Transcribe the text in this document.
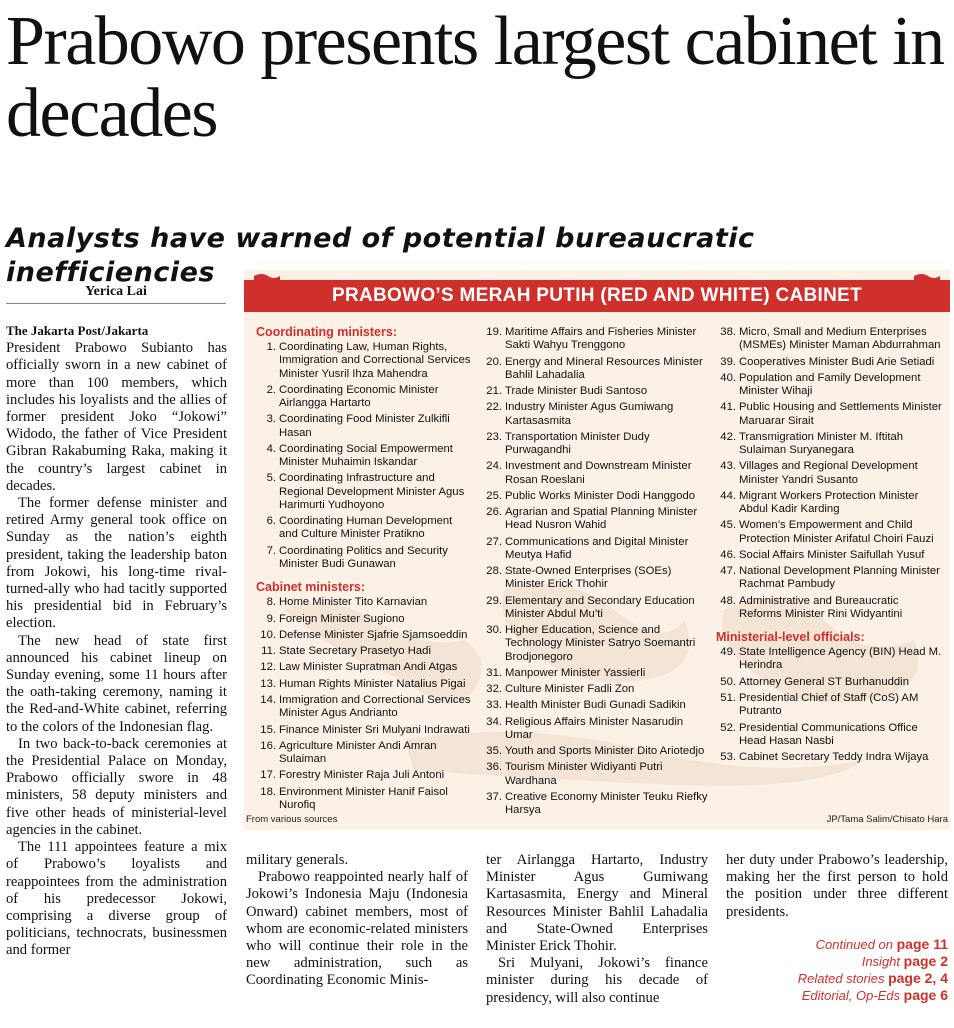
Prabowo presents largest cabinet in decades
Analysts have warned of potential bureaucratic inefficiencies
Yerica Lai
The Jakarta Post/Jakarta

President Prabowo Subianto has officially sworn in a new cabinet of more than 100 members, which includes his loyalists and the allies of former president Joko “Jokowi” Widodo, the father of Vice President Gibran Rakabuming Raka, making it the country’s largest cabinet in decades.

The former defense minister and retired Army general took office on Sunday as the nation’s eighth president, taking the leadership baton from Jokowi, his long-time rival-turned-ally who had tacitly supported his presidential bid in February’s election.

The new head of state first announced his cabinet lineup on Sunday evening, some 11 hours after the oath-taking ceremony, naming it the Red-and-White cabinet, referring to the colors of the Indonesian flag.

In two back-to-back ceremonies at the Presidential Palace on Monday, Prabowo officially swore in 48 ministers, 58 deputy ministers and five other heads of ministerial-level agencies in the cabinet.

The 111 appointees feature a mix of Prabowo’s loyalists and reappointees from the administration of his predecessor Jokowi, comprising a diverse group of politicians, technocrats, businessmen and former

PRABOWO’S MERAH PUTIH (RED AND WHITE) CABINET
Coordinating ministers:
1. Coordinating Law, Human Rights, Immigration and Correctional Services Minister Yusril Ihza Mahendra
2. Coordinating Economic Minister Airlangga Hartarto
3. Coordinating Food Minister Zulkifli Hasan
4. Coordinating Social Empowerment Minister Muhaimin Iskandar
5. Coordinating Infrastructure and Regional Development Minister Agus Harimurti Yudhoyono
6. Coordinating Human Development and Culture Minister Pratikno
7. Coordinating Politics and Security Minister Budi Gunawan
Cabinet ministers:
8. Home Minister Tito Karnavian
9. Foreign Minister Sugiono
10. Defense Minister Sjafrie Sjamsoeddin
11. State Secretary Prasetyo Hadi
12. Law Minister Supratman Andi Atgas
13. Human Rights Minister Natalius Pigai
14. Immigration and Correctional Services Minister Agus Andrianto
15. Finance Minister Sri Mulyani Indrawati
16. Agriculture Minister Andi Amran Sulaiman
17. Forestry Minister Raja Juli Antoni
18. Environment Minister Hanif Faisol Nurofiq
19. Maritime Affairs and Fisheries Minister Sakti Wahyu Trenggono
20. Energy and Mineral Resources Minister Bahlil Lahadalia
21. Trade Minister Budi Santoso
22. Industry Minister Agus Gumiwang Kartasasmita
23. Transportation Minister Dudy Purwagandhi
24. Investment and Downstream Minister Rosan Roeslani
25. Public Works Minister Dodi Hanggodo
26. Agrarian and Spatial Planning Minister Head Nusron Wahid
27. Communications and Digital Minister Meutya Hafid
28. State-Owned Enterprises (SOEs) Minister Erick Thohir
29. Elementary and Secondary Education Minister Abdul Mu’ti
30. Higher Education, Science and Technology Minister Satryo Soemantri Brodjonegoro
31. Manpower Minister Yassierli
32. Culture Minister Fadli Zon
33. Health Minister Budi Gunadi Sadikin
34. Religious Affairs Minister Nasarudin Umar
35. Youth and Sports Minister Dito Ariotedjo
36. Tourism Minister Widiyanti Putri Wardhana
37. Creative Economy Minister Teuku Riefky Harsya
38. Micro, Small and Medium Enterprises (MSMEs) Minister Maman Abdurrahman
39. Cooperatives Minister Budi Arie Setiadi
40. Population and Family Development Minister Wihaji
41. Public Housing and Settlements Minister Maruarar Sirait
42. Transmigration Minister M. Iftitah Sulaiman Suryanegara
43. Villages and Regional Development Minister Yandri Susanto
44. Migrant Workers Protection Minister Abdul Kadir Karding
45. Women’s Empowerment and Child Protection Minister Arifatul Choiri Fauzi
46. Social Affairs Minister Saifullah Yusuf
47. National Development Planning Minister Rachmat Pambudy
48. Administrative and Bureaucratic Reforms Minister Rini Widyantini
Ministerial-level officials:
49. State Intelligence Agency (BIN) Head M. Herindra
50. Attorney General ST Burhanuddin
51. Presidential Chief of Staff (CoS) AM Putranto
52. Presidential Communications Office Head Hasan Nasbi
53. Cabinet Secretary Teddy Indra Wijaya
From various sources	JP/Tama Salim/Chisato Hara

military generals.

Prabowo reappointed nearly half of Jokowi’s Indonesia Maju (Indonesia Onward) cabinet members, most of whom are economic-related ministers who will continue their role in the new administration, such as Coordinating Economic Minis-

ter Airlangga Hartarto, Industry Minister Agus Gumiwang Kartasasmita, Energy and Mineral Resources Minister Bahlil Lahadalia and State-Owned Enterprises Minister Erick Thohir.

Sri Mulyani, Jokowi’s finance minister during his decade of presidency, will also continue

her duty under Prabowo’s leadership, making her the first person to hold the position under three different presidents.

Continued on page 11
Insight page 2
Related stories page 2, 4
Editorial, Op-Eds page 6
